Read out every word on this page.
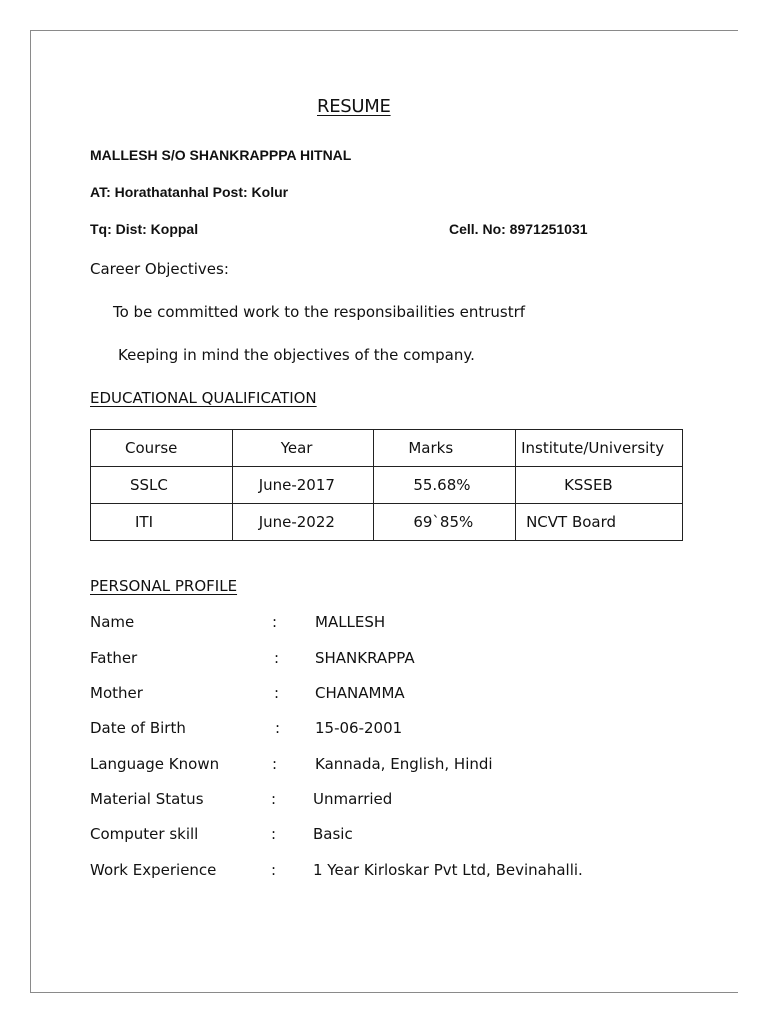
RESUME
MALLESH S/O SHANKRAPPPA HITNAL
AT: Horathatanhal Post: Kolur
Tq: Dist: Koppal	Cell. No: 8971251031
Career Objectives:
To be committed work to the responsibailities entrustrf
Keeping in mind the objectives of the company.
EDUCATIONAL QUALIFICATION
Course	Year	Marks	Institute/University

SSLC	June-2017	55.68%	KSSEB

ITI	June-2022	69`85%	NCVT Board
PERSONAL PROFILE
Name	:	MALLESH
Father	: SHANKRAPPA
Mother	: CHANAMMA
Date of Birth	: 15-06-2001
Language Known	:	Kannada, English, Hindi
Material Status	: Unmarried
Computer skill	: Basic
Work Experience	: 1 Year Kirloskar Pvt Ltd, Bevinahalli.
